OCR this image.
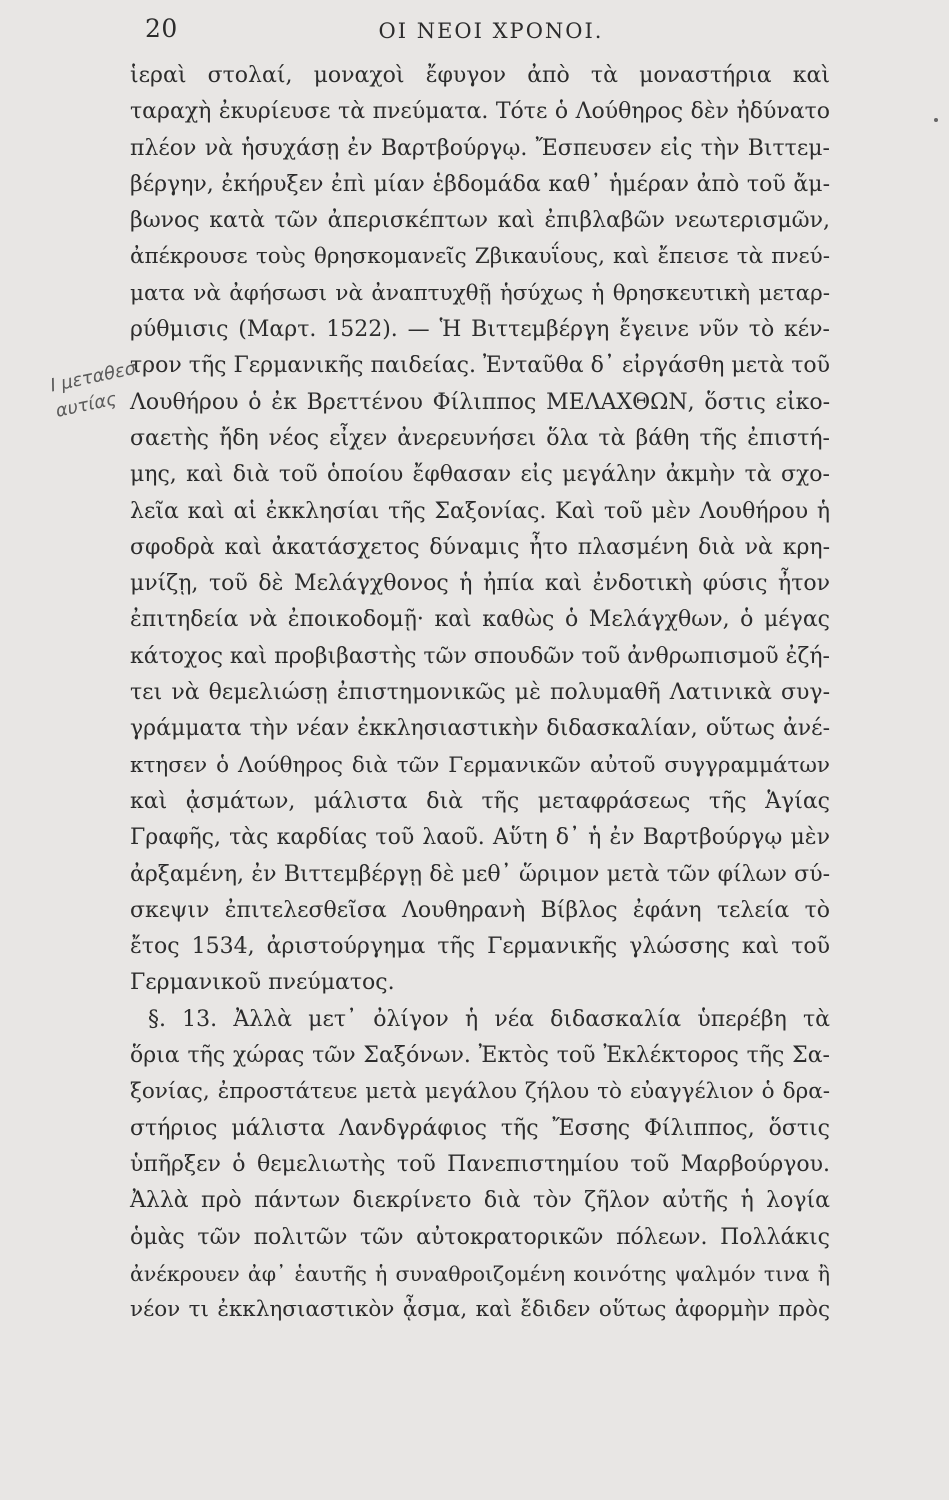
20	ΟΙ ΝΕΟΙ ΧΡΟΝΟΙ.
Ι μεταθεσ
αυτίας
ἱεραὶ στολαί, μοναχοὶ ἔφυγον ἀπὸ τὰ μοναστήρια καὶ
ταραχὴ ἐκυρίευσε τὰ πνεύματα. Τότε ὁ Λούθηρος δὲν ἠδύνατο
πλέον νὰ ἡσυχάσῃ ἐν Βαρτβούργῳ. Ἔσπευσεν εἰς τὴν Βιττεμ-
βέργην, ἐκήρυξεν ἐπὶ μίαν ἑβδομάδα καθ᾽ ἡμέραν ἀπὸ τοῦ ἄμ-
βωνος κατὰ τῶν ἀπερισκέπτων καὶ ἐπιβλαβῶν νεωτερισμῶν,
ἀπέκρουσε τοὺς θρησκομανεῖς Ζβικαυΐους, καὶ ἔπεισε τὰ πνεύ-
ματα νὰ ἀφήσωσι νὰ ἀναπτυχθῇ ἡσύχως ἡ θρησκευτικὴ μεταρ-
ρύθμισις (Μαρτ. 1522). — Ἡ Βιττεμβέργη ἔγεινε νῦν τὸ κέν-
τρον τῆς Γερμανικῆς παιδείας. Ἐνταῦθα δ᾽ εἰργάσθη μετὰ τοῦ
Λουθήρου ὁ ἐκ Βρεττένου Φίλιππος ΜΕΛΑΧΘΩΝ, ὅστις εἰκο-
σαετὴς ἤδη νέος εἶχεν ἀνερευνήσει ὅλα τὰ βάθη τῆς ἐπιστή-
μης, καὶ διὰ τοῦ ὁποίου ἔφθασαν εἰς μεγάλην ἀκμὴν τὰ σχο-
λεῖα καὶ αἱ ἐκκλησίαι τῆς Σαξονίας. Καὶ τοῦ μὲν Λουθήρου ἡ
σφοδρὰ καὶ ἀκατάσχετος δύναμις ἦτο πλασμένη διὰ νὰ κρη-
μνίζῃ, τοῦ δὲ Μελάγχθονος ἡ ἠπία καὶ ἐνδοτικὴ φύσις ἦτον
ἐπιτηδεία νὰ ἐποικοδομῇ· καὶ καθὼς ὁ Μελάγχθων, ὁ μέγας
κάτοχος καὶ προβιβαστὴς τῶν σπουδῶν τοῦ ἀνθρωπισμοῦ ἐζή-
τει νὰ θεμελιώσῃ ἐπιστημονικῶς μὲ πολυμαθῆ Λατινικὰ συγ-
γράμματα τὴν νέαν ἐκκλησιαστικὴν διδασκαλίαν, οὕτως ἀνέ-
κτησεν ὁ Λούθηρος διὰ τῶν Γερμανικῶν αὐτοῦ συγγραμμάτων
καὶ ᾀσμάτων, μάλιστα διὰ τῆς μεταφράσεως τῆς Ἁγίας
Γραφῆς, τὰς καρδίας τοῦ λαοῦ. Αὕτη δ᾽ ἡ ἐν Βαρτβούργῳ μὲν
ἀρξαμένη, ἐν Βιττεμβέργῃ δὲ μεθ᾽ ὥριμον μετὰ τῶν φίλων σύ-
σκεψιν ἐπιτελεσθεῖσα Λουθηρανὴ Βίβλος ἐφάνη τελεία τὸ
ἔτος 1534, ἀριστούργημα τῆς Γερμανικῆς γλώσσης καὶ τοῦ
Γερμανικοῦ πνεύματος.
§. 13. Ἀλλὰ μετ᾽ ὀλίγον ἡ νέα διδασκαλία ὑπερέβη τὰ
ὅρια τῆς χώρας τῶν Σαξόνων. Ἐκτὸς τοῦ Ἐκλέκτορος τῆς Σα-
ξονίας, ἐπροστάτευε μετὰ μεγάλου ζήλου τὸ εὐαγγέλιον ὁ δρα-
στήριος μάλιστα Λανδγράφιος τῆς Ἔσσης Φίλιππος, ὅστις
ὑπῆρξεν ὁ θεμελιωτὴς τοῦ Πανεπιστημίου τοῦ Μαρβούργου.
Ἀλλὰ πρὸ πάντων διεκρίνετο διὰ τὸν ζῆλον αὐτῆς ἡ λογία
ὁμὰς τῶν πολιτῶν τῶν αὐτοκρατορικῶν πόλεων. Πολλάκις
ἀνέκρουεν ἀφ᾽ ἑαυτῆς ἡ συναθροιζομένη κοινότης ψαλμόν τινα ἢ
νέον τι ἐκκλησιαστικὸν ᾆσμα, καὶ ἔδιδεν οὕτως ἀφορμὴν πρὸς
